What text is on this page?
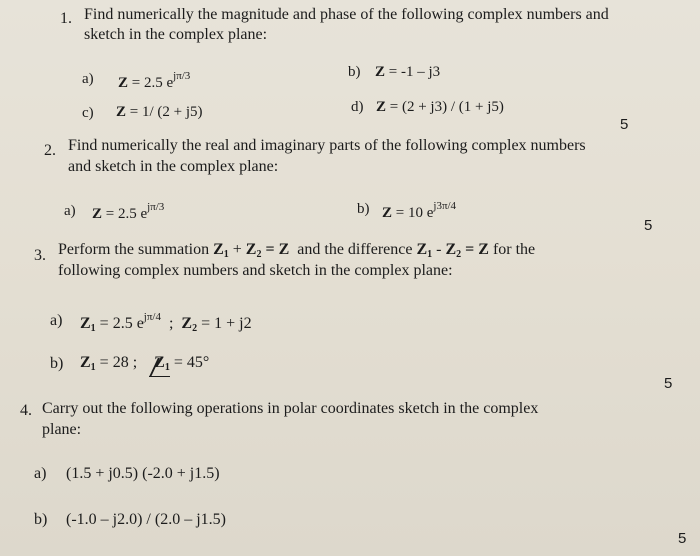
1. Find numerically the magnitude and phase of the following complex numbers and
sketch in the complex plane:
a) Z = 2.5 $e^{j\pi/3}$	b) Z = -1 – j3
c) Z = 1/ (2 + j5)	d) Z = (2 + j3) / (1 + j5)
5
2. Find numerically the real and imaginary parts of the following complex numbers
and sketch in the complex plane:
a) Z = 2.5 $e^{j\pi/3}$	b) Z = 10 $e^{j3\pi/4}$
5
3. Perform the summation $Z_1 + Z_2 = Z$ and the difference $Z_1 - Z_2 = Z$ for the
following complex numbers and sketch in the complex plane:
a) $Z_1 = 2.5$ $e^{j\pi/4}$ ; $Z_2 = 1 + j2$
b) $Z_1 = 28$ ; $Z_1 = 45^\circ$
5
4. Carry out the following operations in polar coordinates sketch in the complex
plane:
a) (1.5 + j0.5) (-2.0 + j1.5)
b) (-1.0 – j2.0) / (2.0 – j1.5)
5
